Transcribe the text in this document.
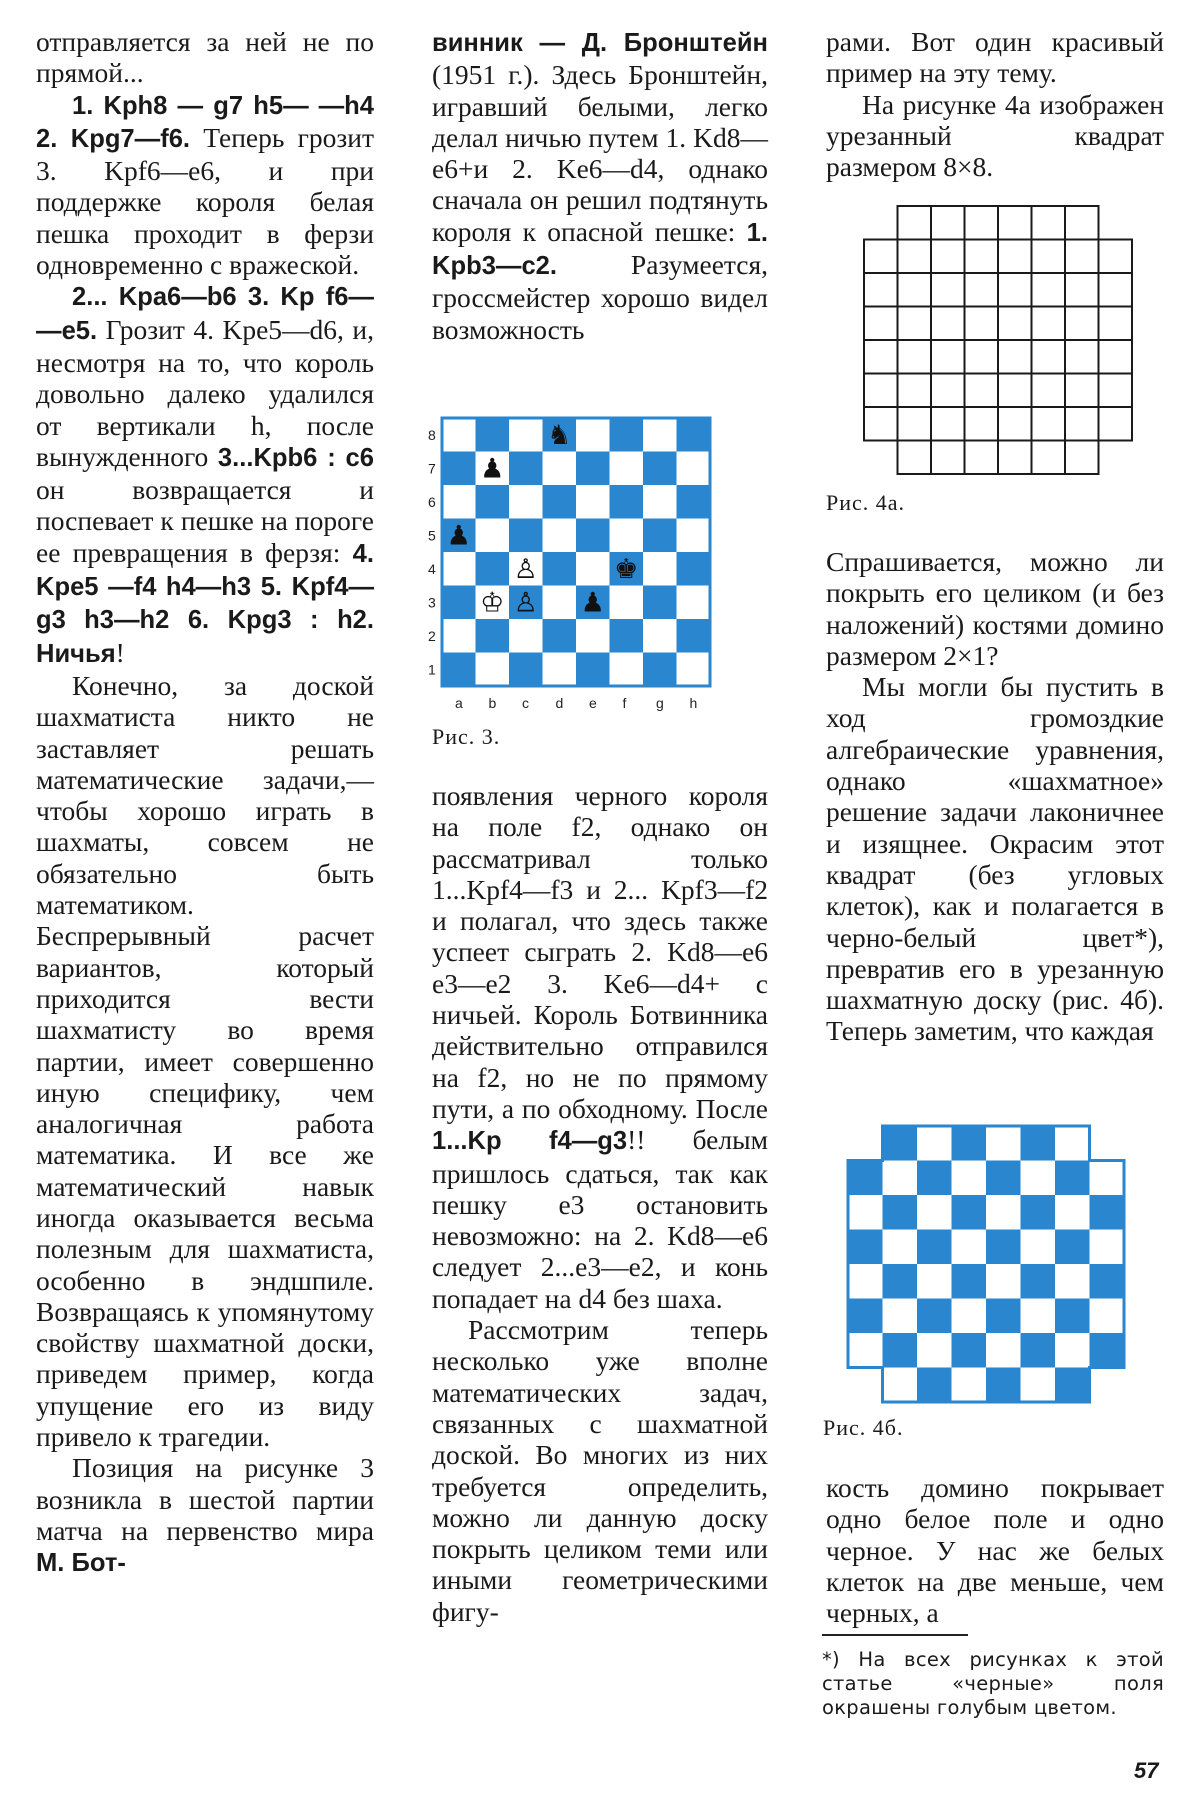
отправляется за ней не по прямой...

1. Kph8 — g7 h5— —h4 2. Kpg7—f6. Теперь грозит 3. Kpf6—e6, и при поддержке короля белая пешка проходит в ферзи одновременно с вражеской.

2... Kpa6—b6 3. Kp f6— —e5. Грозит 4. Kpe5—d6, и, несмотря на то, что король довольно далеко удалился от вертикали h, после вынужденного 3...Kpb6 : c6 он возвращается и поспевает к пешке на пороге ее превращения в ферзя: 4. Kpe5 —f4 h4—h3 5. Kpf4—g3 h3—h2 6. Kpg3 : h2. Ничья!

Конечно, за доской шахматиста никто не заставляет решать математические задачи,— чтобы хорошо играть в шахматы, совсем не обязательно быть математиком. Беспрерывный расчет вариантов, который приходится вести шахматисту во время партии, имеет совершенно иную специфику, чем аналогичная работа математика. И все же математический навык иногда оказывается весьма полезным для шахматиста, особенно в эндшпиле. Возвращаясь к упомянутому свойству шахматной доски, приведем пример, когда упущение его из виду привело к трагедии.

Позиция на рисунке 3 возникла в шестой партии матча на первенство мира М. Бот-

винник — Д. Бронштейн (1951 г.). Здесь Бронштейн, игравший белыми, легко делал ничью путем 1. Kd8—e6+и 2. Ke6—d4, однако сначала он решил подтянуть короля к опасной пешке: 1. Kpb3—c2. Разумеется, гроссмейстер хорошо видел возможность

появления черного короля на поле f2, однако он рассматривал только 1...Kpf4—f3 и 2... Kpf3—f2 и полагал, что здесь также успеет сыграть 2. Kd8—e6 e3—e2 3. Ke6—d4+ с ничьей. Король Ботвинника действительно отправился на f2, но не по прямому пути, а по обходному. После 1...Kp f4—g3!! белым пришлось сдаться, так как пешку e3 остановить невозможно: на 2. Kd8—e6 следует 2...e3—e2, и конь попадает на d4 без шаха.

Рассмотрим теперь несколько уже вполне математических задач, связанных с шахматной доской. Во многих из них требуется определить, можно ли данную доску покрыть целиком теми или иными геометрическими фигу-

рами. Вот один красивый пример на эту тему.

На рисунке 4а изображен урезанный квадрат размером 8×8.

Спрашивается, можно ли покрыть его целиком (и без наложений) костями домино размером 2×1?

Мы могли бы пустить в ход громоздкие алгебраические уравнения, однако «шахматное» решение задачи лаконичнее и изящнее. Окрасим этот квадрат (без угловых клеток), как и полагается в черно-белый цвет*), превратив его в урезанную шахматную доску (рис. 4б). Теперь заметим, что каждая

кость домино покрывает одно белое поле и одно черное. У нас же белых клеток на две меньше, чем черных, а

8
7
6
5
4
3
2
1
a b c d e f g h
♞
♟
♟
♙	♚
♔ ♙ ♟
Рис. 3.
Рис. 4а.
Рис. 4б.
*) На всех рисунках к этой статье «черные» поля окрашены голубым цветом.
57
